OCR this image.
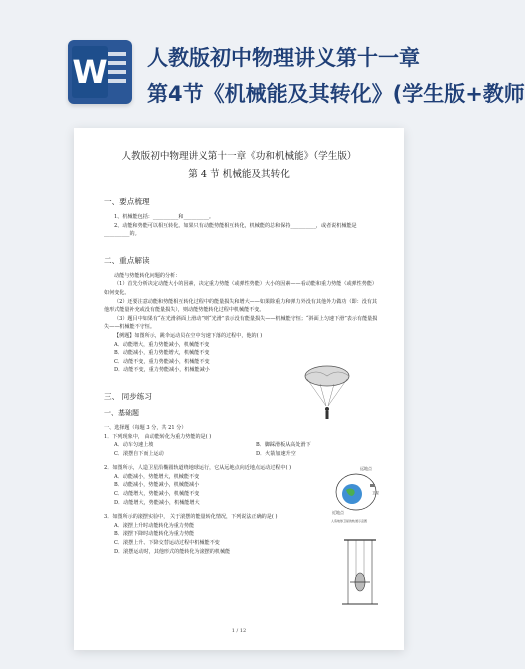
W 人教版初中物理讲义第十一章
第4节《机械能及其转化》(学生版+教师
人教版初中物理讲义第十一章《功和机械能》（学生版）
第 4 节 机械能及其转化
一、要点梳理
1、机械能包括：__________和__________。
2、动能和势能可以相互转化。如果只有动能势能相互转化，机械能的总和保持__________，或者说机械能是__________的。
二、重点解读
动能与势能转化问题的分析：
（1）首先分析决定动能大小的因素，决定重力势能（或弹性势能）大小的因素——看动能和重力势能（或弹性势能）如何变化。
（2）还要注意动能和势能相互转化过程中的能量损失和增大——如果除重力和弹力外没有其他外力做功（即：没有其他形式能量补充或没有能量损失），则动能势能转化过程中机械能不变。
（3）题目中如果有“在光滑斜面上滑动”则“光滑”表示没有能量损失——机械能守恒；“斜面上匀速下滑”表示有能量损失——机械能不守恒。
【例题】如图所示，跳伞运动员在空中匀速下落的过程中，他的( )
A．动能增大，重力势能减小，机械能不变
B．动能减小，重力势能增大，机械能不变
C．动能不变，重力势能减小，机械能不变
D．动能不变，重力势能减小，机械能减小
三、 同步练习
一、基础题
一、选择题（每题 3 分，共 21 分）
1．下列现象中， 由动能转化为重力势能的是( )
A．动车匀速上坡	B．脚踩滑板从高处滑下
C．滚摆自下而上运动	D．火箭加速升空
2．如图所示，人造卫星沿椭圆轨道绕地球运行，它从远地点向近地点运动过程中( )
A．动能减小，势能增大，机械能不变
B．动能减小，势能减小，机械能减小
C．动能增大，势能减小，机械能不变
D．动能增大，势能减小，机械能增大
3．如图所示的滚摆实验中， 关于滚摆的能量转化情况，下列说法正确的是( )
A．滚摆上升时动能转化为重力势能
B．滚摆下降时动能转化为重力势能
C．滚摆上升、下降交替运动过程中机械能不变
D．滚摆运动时，其他形式的能转化为滚摆的机械能
远地点
卫星
近地点
人造地球卫星的轨道示意图
1 / 12
